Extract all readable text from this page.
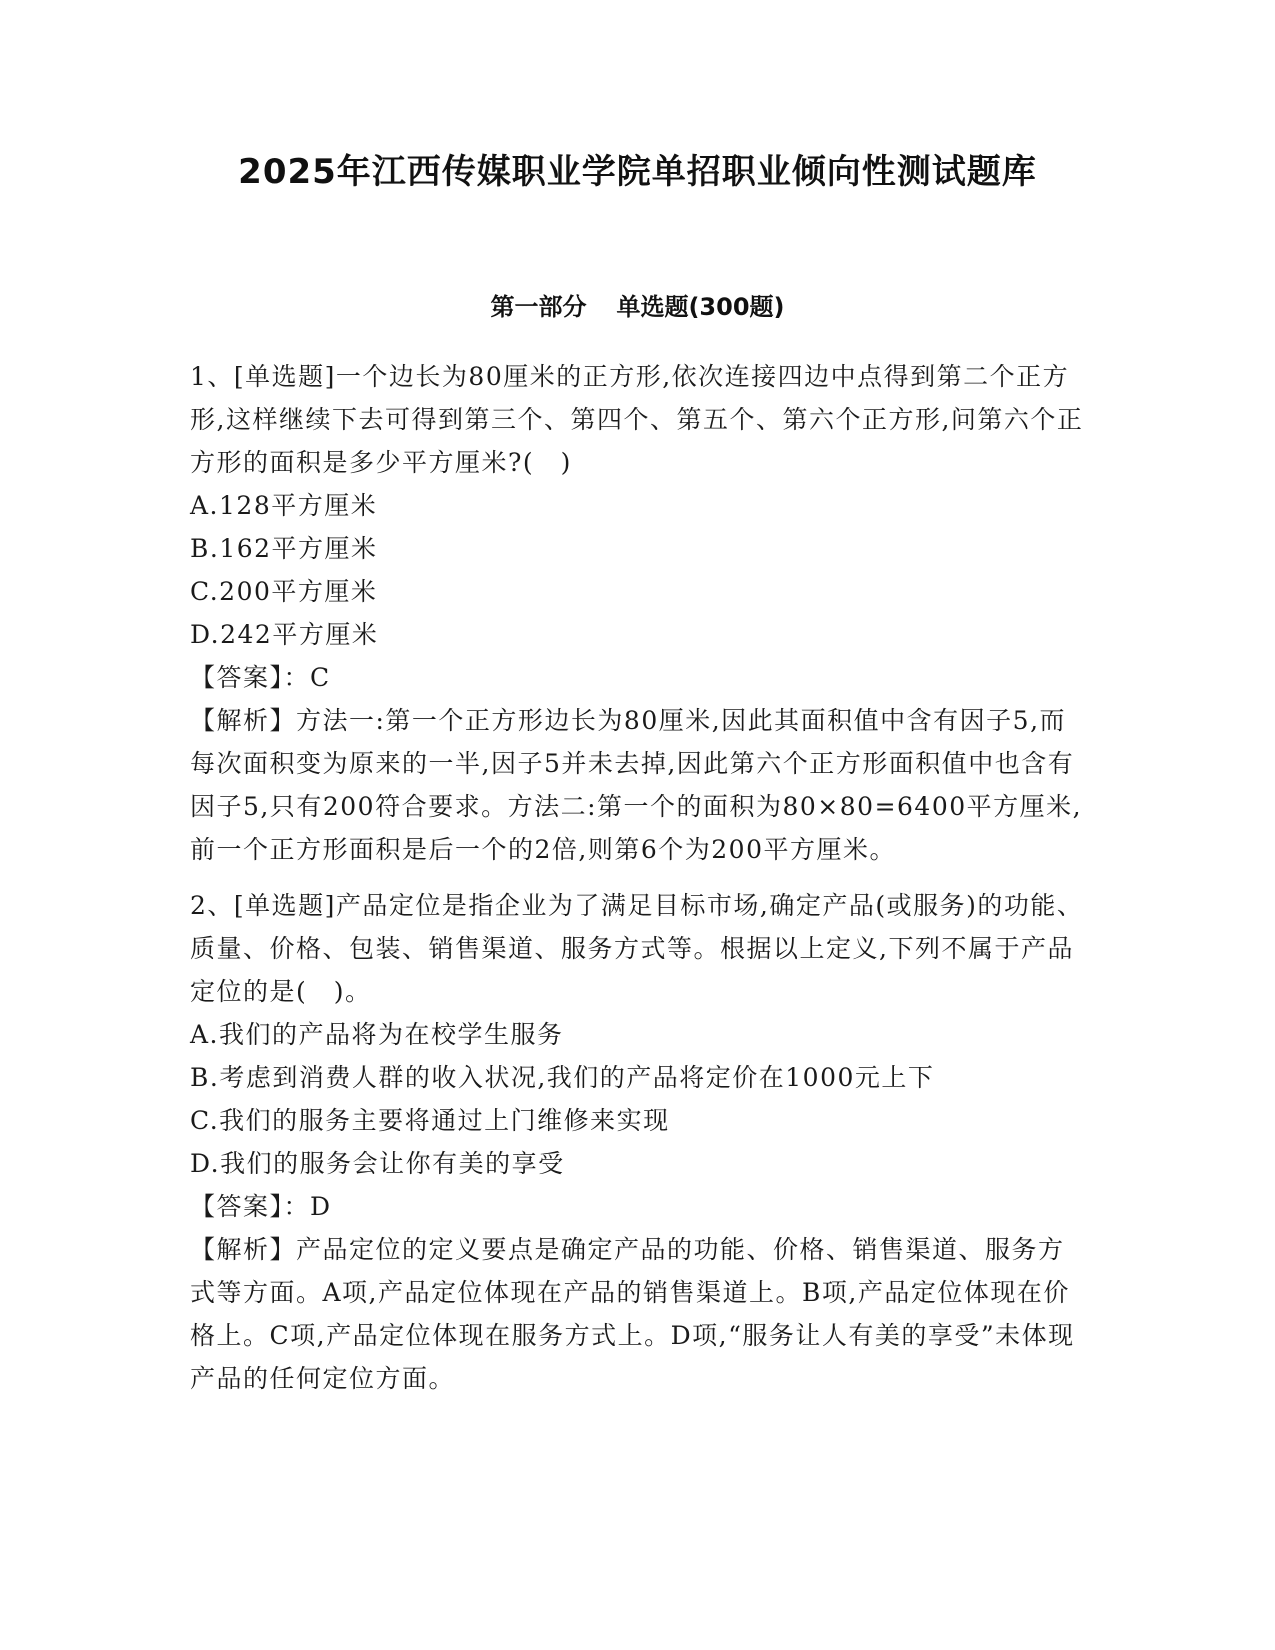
2025年江西传媒职业学院单招职业倾向性测试题库
第一部分 单选题(300题)

1、[单选题]一个边长为80厘米的正方形,依次连接四边中点得到第二个正方形,这样继续下去可得到第三个、第四个、第五个、第六个正方形,问第六个正方形的面积是多少平方厘米?(　)

A.128平方厘米

B.162平方厘米

C.200平方厘米

D.242平方厘米

【答案】：C

【解析】方法一:第一个正方形边长为80厘米,因此其面积值中含有因子5,而每次面积变为原来的一半,因子5并未去掉,因此第六个正方形面积值中也含有因子5,只有200符合要求。方法二:第一个的面积为80×80=6400平方厘米,前一个正方形面积是后一个的2倍,则第6个为200平方厘米。

2、[单选题]产品定位是指企业为了满足目标市场,确定产品(或服务)的功能、质量、价格、包装、销售渠道、服务方式等。根据以上定义,下列不属于产品定位的是(　)。

A.我们的产品将为在校学生服务

B.考虑到消费人群的收入状况,我们的产品将定价在1000元上下

C.我们的服务主要将通过上门维修来实现

D.我们的服务会让你有美的享受

【答案】：D

【解析】产品定位的定义要点是确定产品的功能、价格、销售渠道、服务方式等方面。A项,产品定位体现在产品的销售渠道上。B项,产品定位体现在价格上。C项,产品定位体现在服务方式上。D项,“服务让人有美的享受”未体现产品的任何定位方面。
